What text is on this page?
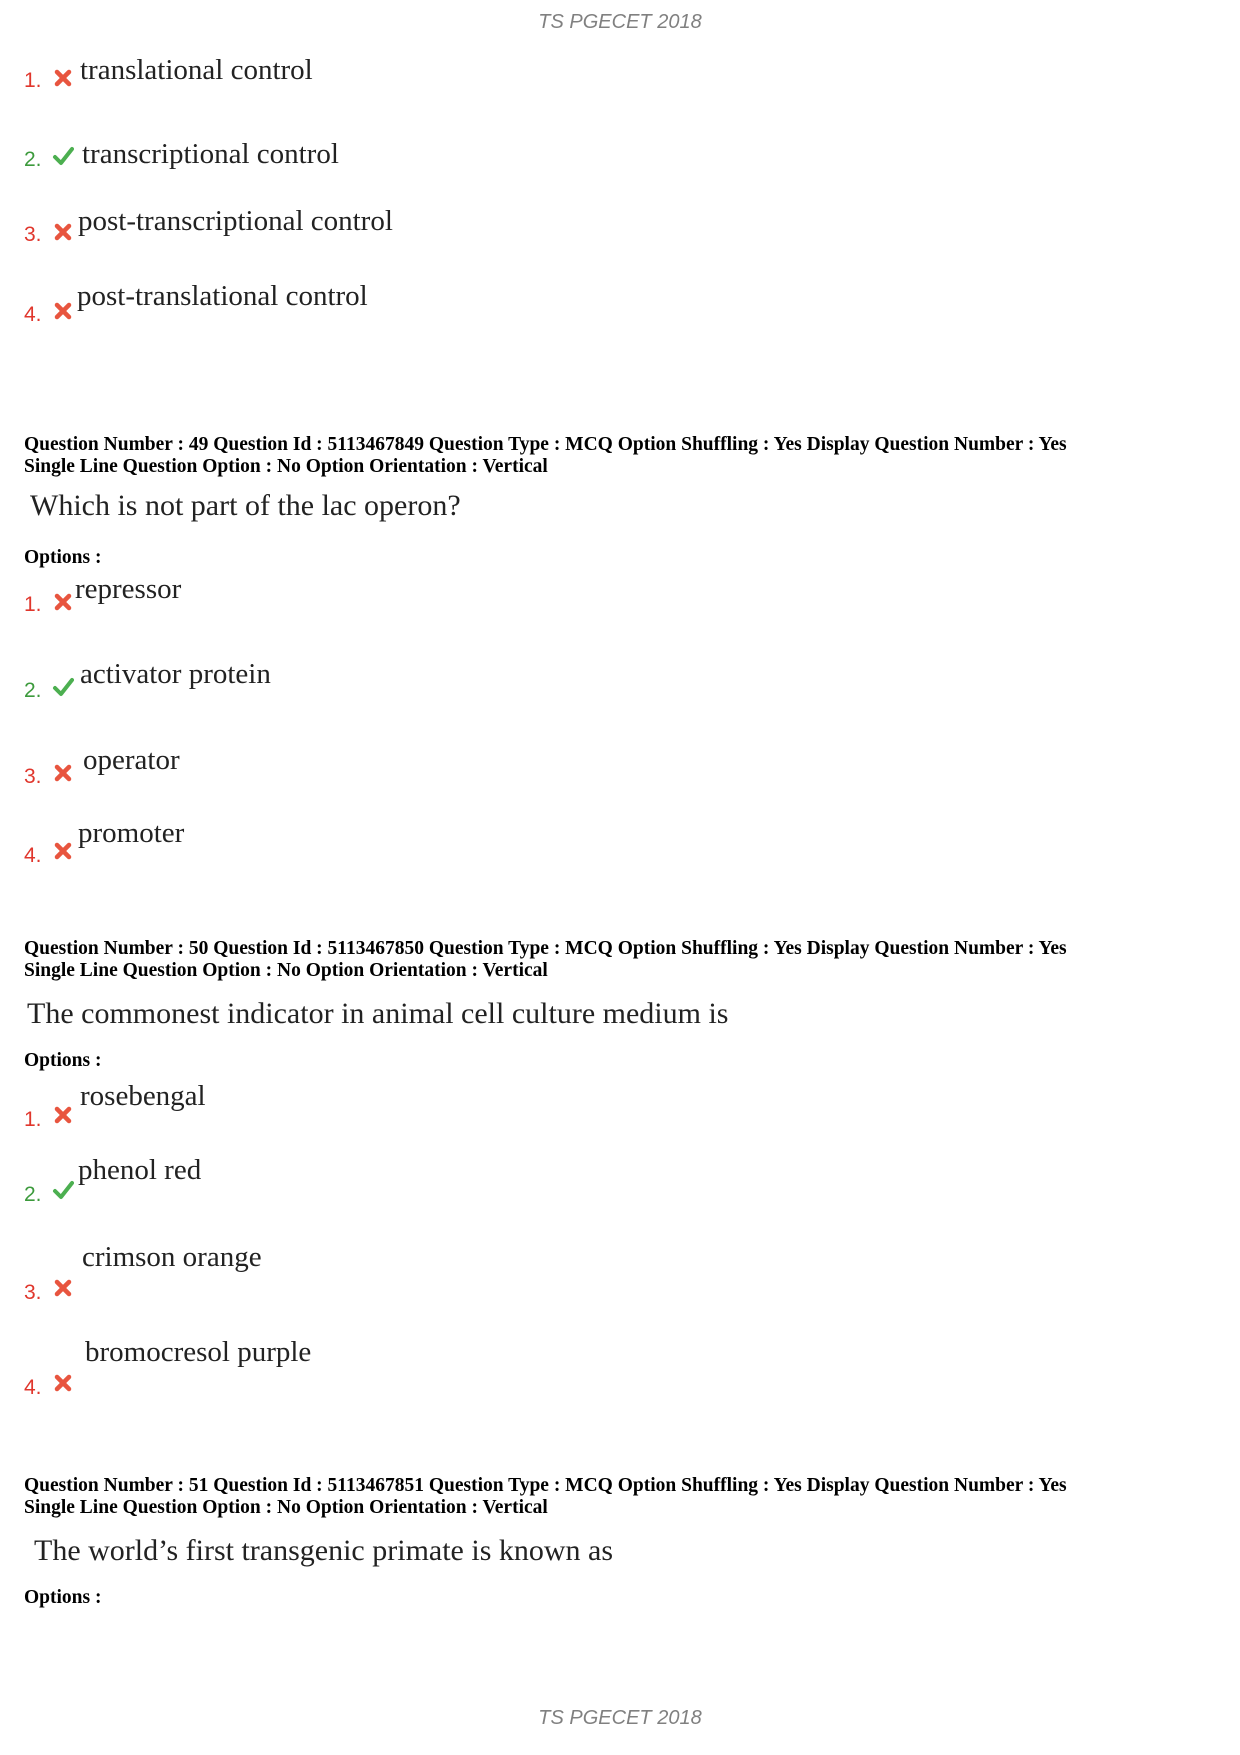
TS PGECET 2018
1. translational control
2. transcriptional control
3. post-transcriptional control
4.
post-translational control
Question Number : 49 Question Id : 5113467849 Question Type : MCQ Option Shuffling : Yes Display Question Number : Yes
Single Line Question Option : No Option Orientation : Vertical
Which is not part of the lac operon?
Options :
1. repressor
2.
activator protein
3.
operator
4.
promoter
Question Number : 50 Question Id : 5113467850 Question Type : MCQ Option Shuffling : Yes Display Question Number : Yes
Single Line Question Option : No Option Orientation : Vertical
The commonest indicator in animal cell culture medium is
Options :
1.
rosebengal
2.
phenol red
3.
crimson orange
4.
bromocresol purple
Question Number : 51 Question Id : 5113467851 Question Type : MCQ Option Shuffling : Yes Display Question Number : Yes
Single Line Question Option : No Option Orientation : Vertical
The world’s first transgenic primate is known as
Options :
TS PGECET 2018
